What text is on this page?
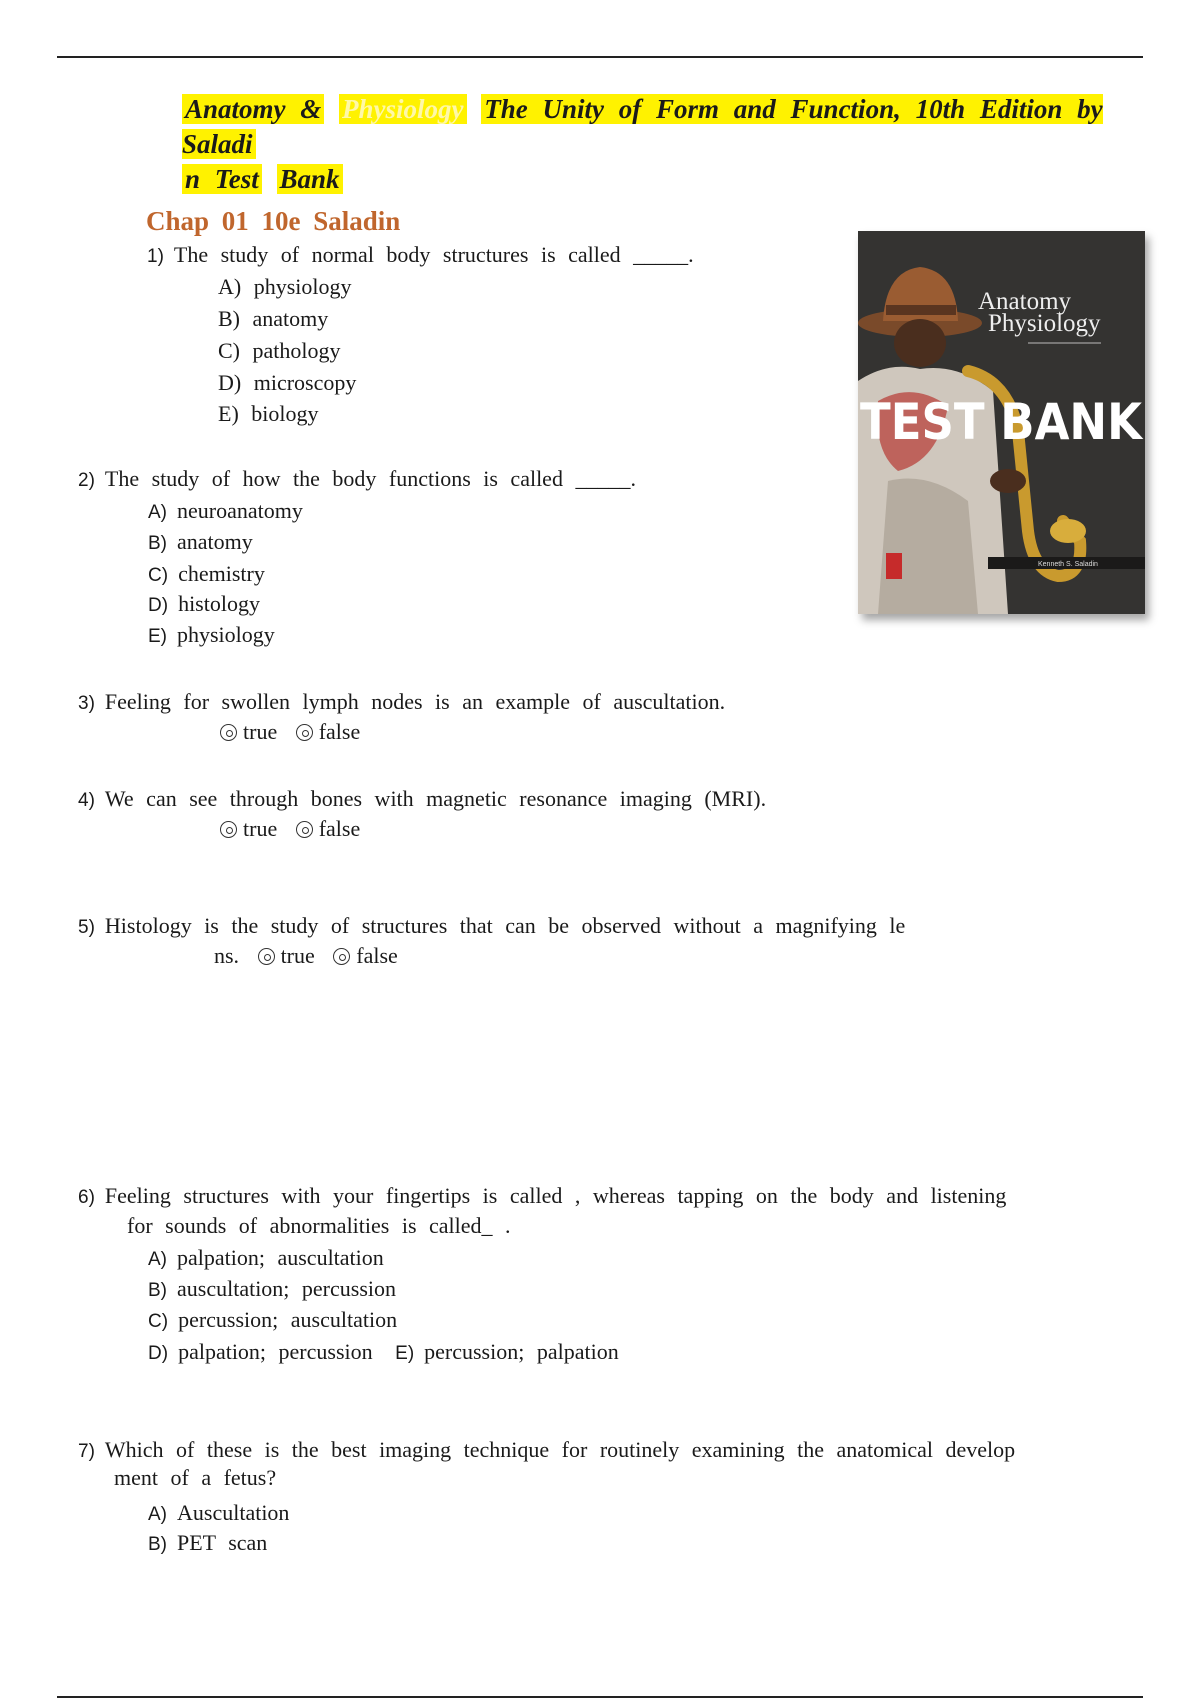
Anatomy & Physiology The Unity of Form and Function, 10th Edition by Saladi
n Test Bank
Chap 01 10e Saladin
Anatomy
Physiology
TEST BANK
Kenneth S. Saladin
1) The study of normal body structures is called _____.
A) physiology
B) anatomy
C) pathology
D) microscopy
E) biology
2) The study of how the body functions is called _____.
A) neuroanatomy
B) anatomy
C) chemistry
D) histology
E) physiology
3) Feeling for swollen lymph nodes is an example of auscultation.
true false
4) We can see through bones with magnetic resonance imaging (MRI).
true false
5) Histology is the study of structures that can be observed without a magnifying le
ns. true false
6) Feeling structures with your fingertips is called , whereas tapping on the body and listening
for sounds of abnormalities is called_ .
A) palpation; auscultation
B) auscultation; percussion
C) percussion; auscultation
D) palpation; percussion E) percussion; palpation
7) Which of these is the best imaging technique for routinely examining the anatomical develop
ment of a fetus?
A) Auscultation
B) PET scan
